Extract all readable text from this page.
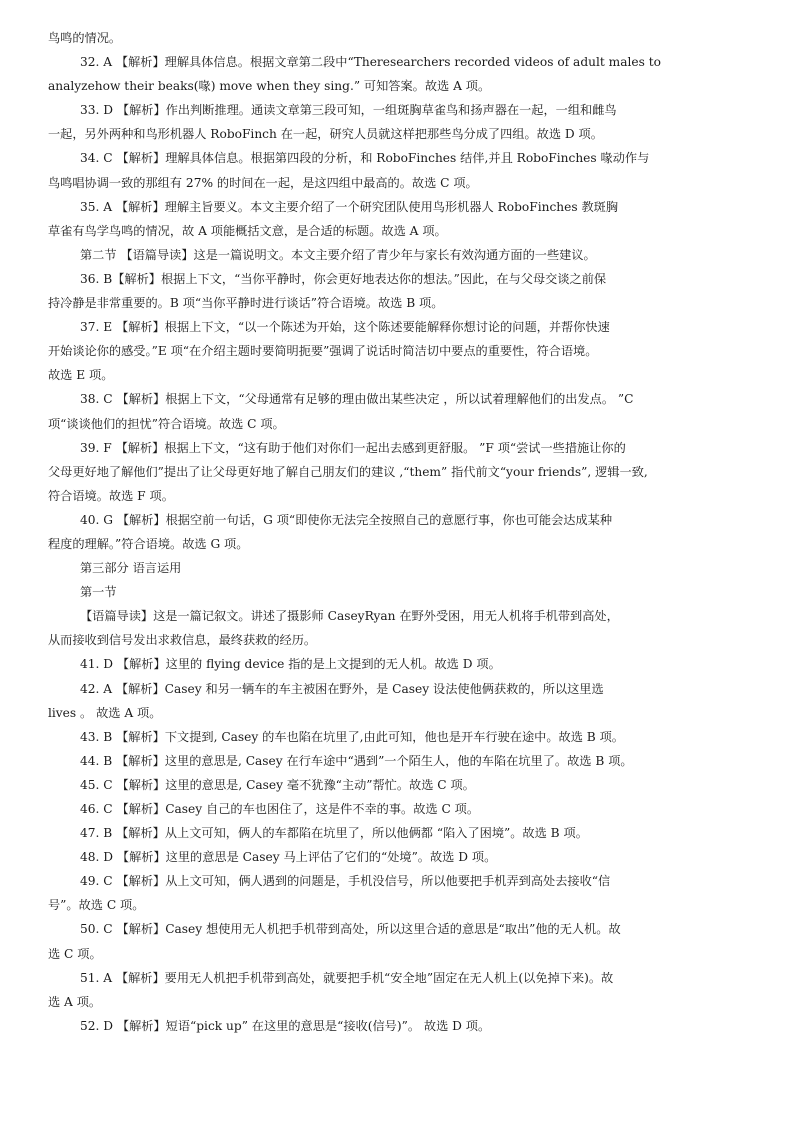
鸟鸣的情况。
32. A 【解析】理解具体信息。根据文章第二段中“Theresearchers recorded videos of adult males to
analyzehow their beaks(喙) move when they sing.” 可知答案。故选 A 项。
33. D 【解析】作出判断推理。通读文章第三段可知，一组斑胸草雀鸟和扬声器在一起，一组和雌鸟
一起，另外两种和鸟形机器人 RoboFinch 在一起，研究人员就这样把那些鸟分成了四组。故选 D 项。
34. C 【解析】理解具体信息。根据第四段的分析，和 RoboFinches 结伴,并且 RoboFinches 喙动作与
鸟鸣唱协调一致的那组有 27% 的时间在一起，是这四组中最高的。故选 C 项。
35. A 【解析】理解主旨要义。本文主要介绍了一个研究团队使用鸟形机器人 RoboFinches 教斑胸
草雀有鸟学鸟鸣的情况，故 A 项能概括文意，是合适的标题。故选 A 项。
第二节 【语篇导读】这是一篇说明文。本文主要介绍了青少年与家长有效沟通方面的一些建议。
36. B【解析】根据上下文，“当你平静时，你会更好地表达你的想法。”因此，在与父母交谈之前保
持冷静是非常重要的。B 项“当你平静时进行谈话”符合语境。故选 B 项。
37. E 【解析】根据上下文，“以一个陈述为开始，这个陈述要能解释你想讨论的问题，并帮你快速
开始谈论你的感受。”E 项“在介绍主题时要简明扼要”强调了说话时简洁切中要点的重要性，符合语境。
故选 E 项。
38. C 【解析】根据上下文，“父母通常有足够的理由做出某些决定 ，所以试着理解他们的出发点。 ”C
项“谈谈他们的担忧”符合语境。故选 C 项。
39. F 【解析】根据上下文，“这有助于他们对你们一起出去感到更舒服。 ”F 项“尝试一些措施让你的
父母更好地了解他们”提出了让父母更好地了解自己朋友们的建议 ,“them” 指代前文“your friends”, 逻辑一致,
符合语境。故选 F 项。
40. G 【解析】根据空前一句话，G 项“即使你无法完全按照自己的意愿行事，你也可能会达成某种
程度的理解。”符合语境。故选 G 项。
第三部分 语言运用
第一节
【语篇导读】这是一篇记叙文。讲述了摄影师 CaseyRyan 在野外受困，用无人机将手机带到高处，
从而接收到信号发出求救信息，最终获救的经历。
41. D 【解析】这里的 flying device 指的是上文提到的无人机。故选 D 项。
42. A 【解析】Casey 和另一辆车的车主被困在野外，是 Casey 设法使他俩获救的，所以这里选
lives 。 故选 A 项。
43. B 【解析】下文提到, Casey 的车也陷在坑里了,由此可知，他也是开车行驶在途中。故选 B 项。
44. B 【解析】这里的意思是, Casey 在行车途中“遇到”一个陌生人，他的车陷在坑里了。故选 B 项。
45. C 【解析】这里的意思是, Casey 毫不犹豫“主动”帮忙。故选 C 项。
46. C 【解析】Casey 自己的车也困住了，这是件不幸的事。故选 C 项。
47. B 【解析】从上文可知，俩人的车都陷在坑里了，所以他俩都 “陷入了困境”。故选 B 项。
48. D 【解析】这里的意思是 Casey 马上评估了它们的“处境”。故选 D 项。
49. C 【解析】从上文可知，俩人遇到的问题是，手机没信号，所以他要把手机弄到高处去接收“信
号”。故选 C 项。
50. C 【解析】Casey 想使用无人机把手机带到高处，所以这里合适的意思是“取出”他的无人机。故
选 C 项。
51. A 【解析】要用无人机把手机带到高处，就要把手机“安全地”固定在无人机上(以免掉下来)。故
选 A 项。
52. D 【解析】短语“pick up” 在这里的意思是“接收(信号)”。 故选 D 项。
